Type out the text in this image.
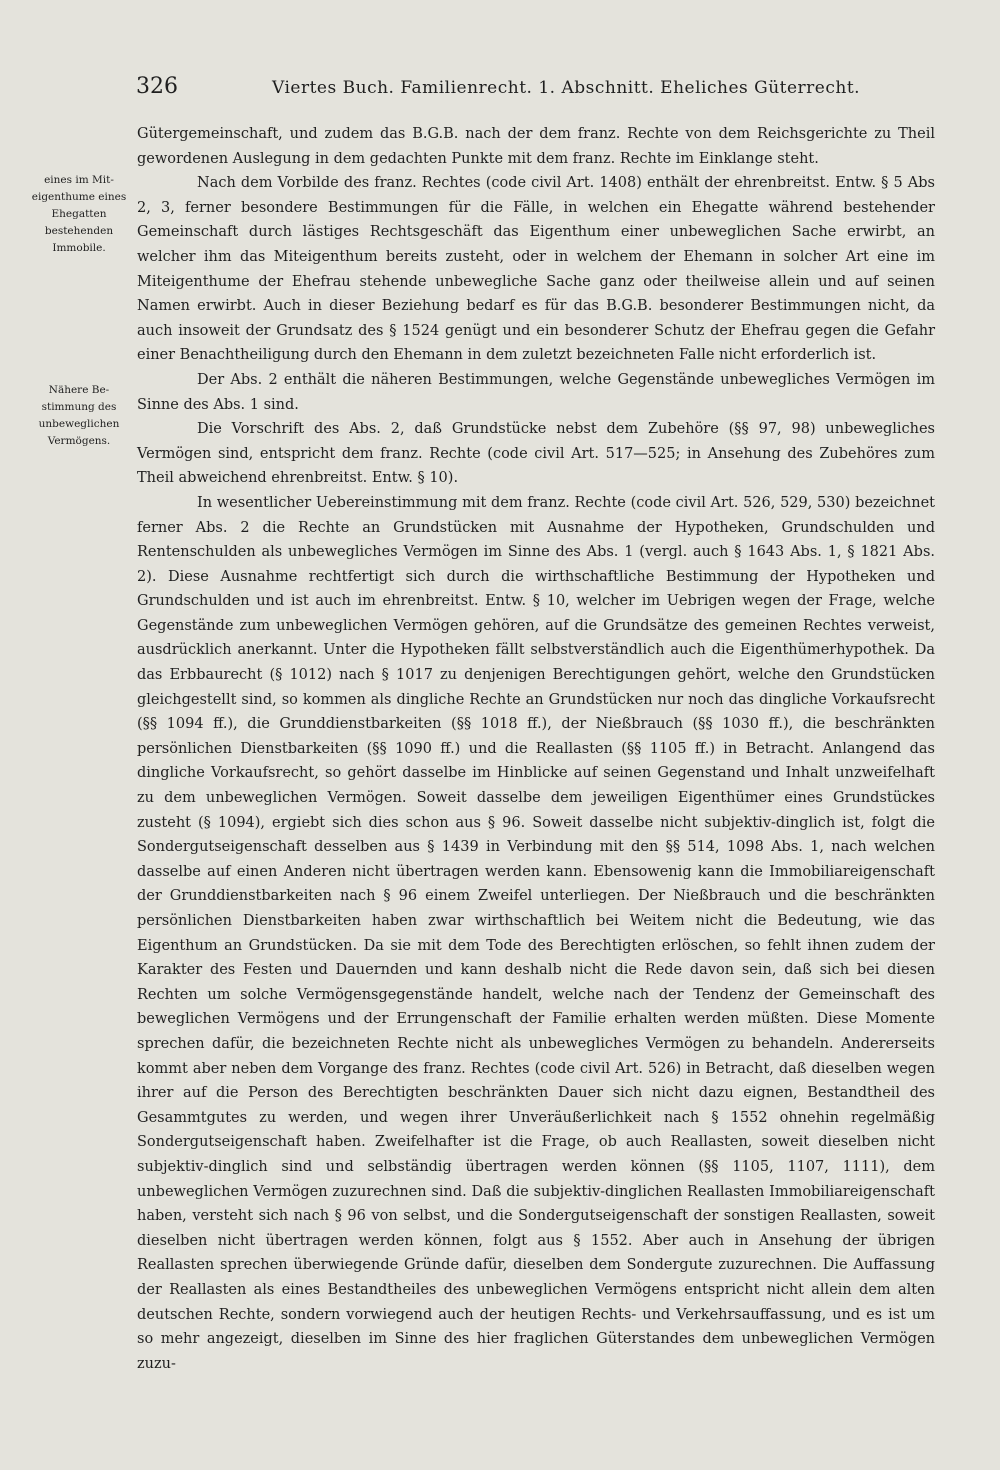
326	Viertes Buch. Familienrecht. 1. Abschnitt. Eheliches Güterrecht.

eines im Mit-

eigenthume eines

Ehegatten

bestehenden

Immobile.

Nähere Be-

stimmung des

unbeweglichen

Vermögens.

Gütergemeinschaft, und zudem das B.G.B. nach der dem franz. Rechte von dem Reichsgerichte zu Theil gewordenen Auslegung in dem gedachten Punkte mit dem franz. Rechte im Einklange steht.

Nach dem Vorbilde des franz. Rechtes (code civil Art. 1408) enthält der ehrenbreitst. Entw. § 5 Abs 2, 3, ferner besondere Bestimmungen für die Fälle, in welchen ein Ehegatte während bestehender Gemeinschaft durch lästiges Rechtsgeschäft das Eigenthum einer unbeweglichen Sache erwirbt, an welcher ihm das Miteigenthum bereits zusteht, oder in welchem der Ehemann in solcher Art eine im Miteigenthume der Ehefrau stehende unbewegliche Sache ganz oder theilweise allein und auf seinen Namen erwirbt. Auch in dieser Beziehung bedarf es für das B.G.B. besonderer Bestimmungen nicht, da auch insoweit der Grundsatz des § 1524 genügt und ein besonderer Schutz der Ehefrau gegen die Gefahr einer Benachtheiligung durch den Ehemann in dem zuletzt bezeichneten Falle nicht erforderlich ist.

Der Abs. 2 enthält die näheren Bestimmungen, welche Gegenstände unbewegliches Vermögen im Sinne des Abs. 1 sind.

Die Vorschrift des Abs. 2, daß Grundstücke nebst dem Zubehöre (§§ 97, 98) unbewegliches Vermögen sind, entspricht dem franz. Rechte (code civil Art. 517—525; in Ansehung des Zubehöres zum Theil abweichend ehrenbreitst. Entw. § 10).

In wesentlicher Uebereinstimmung mit dem franz. Rechte (code civil Art. 526, 529, 530) bezeichnet ferner Abs. 2 die Rechte an Grundstücken mit Ausnahme der Hypotheken, Grundschulden und Rentenschulden als unbewegliches Vermögen im Sinne des Abs. 1 (vergl. auch § 1643 Abs. 1, § 1821 Abs. 2). Diese Ausnahme rechtfertigt sich durch die wirthschaftliche Bestimmung der Hypotheken und Grundschulden und ist auch im ehrenbreitst. Entw. § 10, welcher im Uebrigen wegen der Frage, welche Gegenstände zum unbeweglichen Vermögen gehören, auf die Grundsätze des gemeinen Rechtes verweist, ausdrücklich anerkannt. Unter die Hypotheken fällt selbstverständlich auch die Eigenthümerhypothek. Da das Erbbaurecht (§ 1012) nach § 1017 zu denjenigen Berechtigungen gehört, welche den Grundstücken gleichgestellt sind, so kommen als dingliche Rechte an Grundstücken nur noch das dingliche Vorkaufsrecht (§§ 1094 ff.), die Grunddienstbarkeiten (§§ 1018 ff.), der Nießbrauch (§§ 1030 ff.), die beschränkten persönlichen Dienstbarkeiten (§§ 1090 ff.) und die Reallasten (§§ 1105 ff.) in Betracht. Anlangend das dingliche Vorkaufsrecht, so gehört dasselbe im Hinblicke auf seinen Gegenstand und Inhalt unzweifelhaft zu dem unbeweglichen Vermögen. Soweit dasselbe dem jeweiligen Eigenthümer eines Grundstückes zusteht (§ 1094), ergiebt sich dies schon aus § 96. Soweit dasselbe nicht subjektiv-dinglich ist, folgt die Sondergutseigenschaft desselben aus § 1439 in Verbindung mit den §§ 514, 1098 Abs. 1, nach welchen dasselbe auf einen Anderen nicht übertragen werden kann. Ebensowenig kann die Immobiliareigenschaft der Grunddienstbarkeiten nach § 96 einem Zweifel unterliegen. Der Nießbrauch und die beschränkten persönlichen Dienstbarkeiten haben zwar wirthschaftlich bei Weitem nicht die Bedeutung, wie das Eigenthum an Grundstücken. Da sie mit dem Tode des Berechtigten erlöschen, so fehlt ihnen zudem der Karakter des Festen und Dauernden und kann deshalb nicht die Rede davon sein, daß sich bei diesen Rechten um solche Vermögensgegenstände handelt, welche nach der Tendenz der Gemeinschaft des beweglichen Vermögens und der Errungenschaft der Familie erhalten werden müßten. Diese Momente sprechen dafür, die bezeichneten Rechte nicht als unbewegliches Vermögen zu behandeln. Andererseits kommt aber neben dem Vorgange des franz. Rechtes (code civil Art. 526) in Betracht, daß dieselben wegen ihrer auf die Person des Berechtigten beschränkten Dauer sich nicht dazu eignen, Bestandtheil des Gesammtgutes zu werden, und wegen ihrer Unveräußerlichkeit nach § 1552 ohnehin regelmäßig Sondergutseigenschaft haben. Zweifelhafter ist die Frage, ob auch Reallasten, soweit dieselben nicht subjektiv-dinglich sind und selbständig übertragen werden können (§§ 1105, 1107, 1111), dem unbeweglichen Vermögen zuzurechnen sind. Daß die subjektiv-dinglichen Reallasten Immobiliareigenschaft haben, versteht sich nach § 96 von selbst, und die Sondergutseigenschaft der sonstigen Reallasten, soweit dieselben nicht übertragen werden können, folgt aus § 1552. Aber auch in Ansehung der übrigen Reallasten sprechen überwiegende Gründe dafür, dieselben dem Sondergute zuzurechnen. Die Auffassung der Reallasten als eines Bestandtheiles des unbeweglichen Vermögens entspricht nicht allein dem alten deutschen Rechte, sondern vorwiegend auch der heutigen Rechts- und Verkehrsauffassung, und es ist um so mehr angezeigt, dieselben im Sinne des hier fraglichen Güterstandes dem unbeweglichen Vermögen zuzu-
